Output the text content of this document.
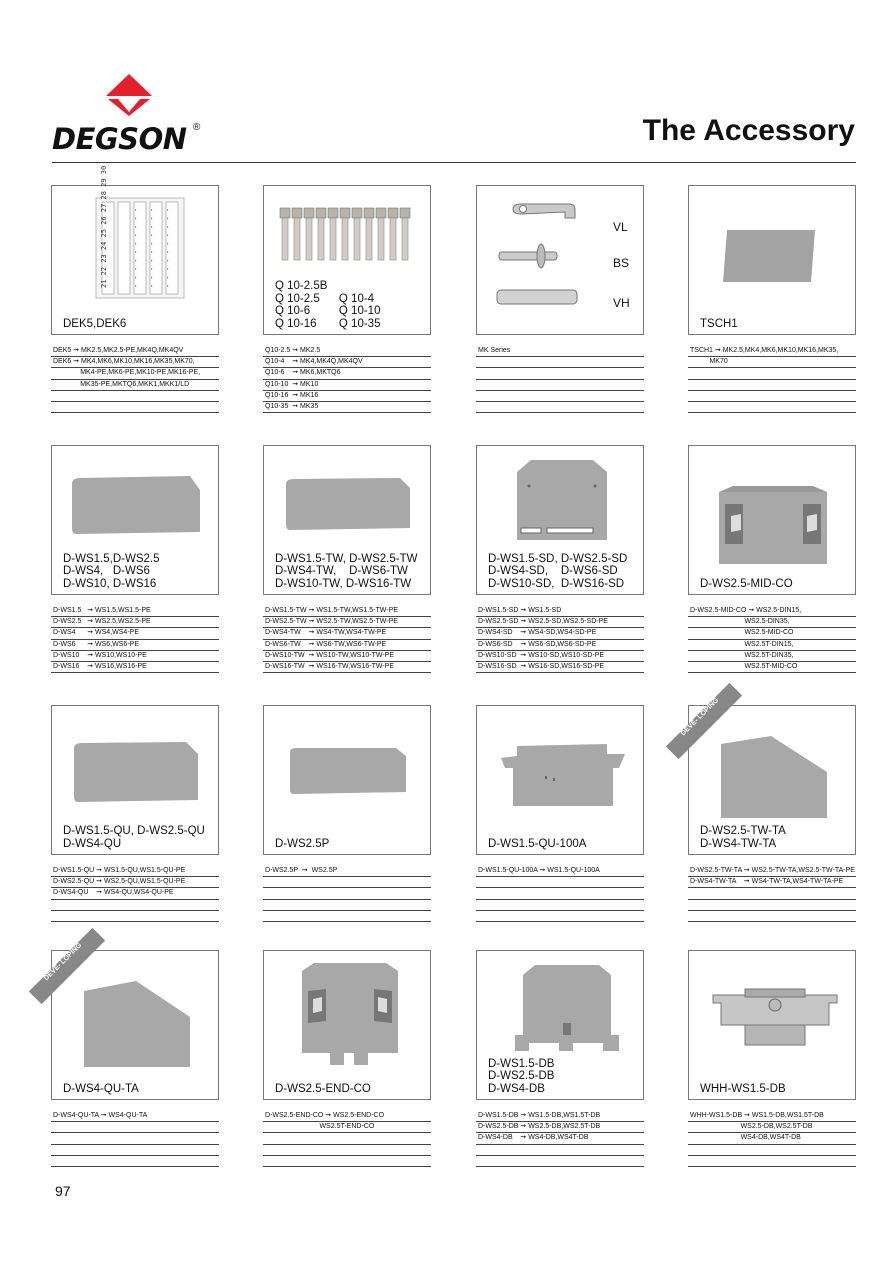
DEGSON ®	The Accessory
21 22 23 24 25 26 27 28 29 30	- - - - - - - - - - - - - - - - - - - - - - - - - - - - - -
DEK5,DEK6
DEK5 ➞ MK2.5,MK2.5-PE,MK4Q,MK4QV
DEK6 ➞ MK4,MK6,MK10,MK16,MK35,MK70,
MK4-PE,MK6-PE,MK10-PE,MK16-PE,
MK35-PE,MKTQ6,MKK1,MKK1/LD
Q 10-2.5B
Q 10-2.5      Q 10-4
Q 10-6         Q 10-10
Q 10-16       Q 10-35
Q10-2.5 ➞ MK2.5
Q10-4    ➞ MK4,MK4Q,MK4QV
Q10-6    ➞ MK6,MKTQ6
Q10-10  ➞ MK10
Q10-16  ➞ MK16
Q10-35  ➞ MK35
VL
BS
VH
MK Series
TSCH1
TSCH1 ➞ MK2.5,MK4,MK6,MK10,MK16,MK35,
MK70
D-WS1.5,D-WS2.5
D-WS4,   D-WS6
D-WS10, D-WS16
D-WS1.5   ➞ WS1.5,WS1.5-PE
D-WS2.5   ➞ WS2.5,WS2.5-PE
D-WS4      ➞ WS4,WS4-PE
D-WS6      ➞ WS6,WS6-PE
D-WS10    ➞ WS10,WS10-PE
D-WS16    ➞ WS16,WS16-PE
D-WS1.5-TW, D-WS2.5-TW
D-WS4-TW,    D-WS6-TW
D-WS10-TW, D-WS16-TW
D-WS1.5-TW ➞ WS1.5-TW,WS1.5-TW-PE
D-WS2.5-TW ➞ WS2.5-TW,WS2.5-TW-PE
D-WS4-TW    ➞ WS4-TW,WS4-TW-PE
D-WS6-TW    ➞ WS6-TW,WS6-TW-PE
D-WS10-TW  ➞ WS10-TW,WS10-TW-PE
D-WS16-TW  ➞ WS16-TW,WS16-TW-PE
D-WS1.5-SD, D-WS2.5-SD
D-WS4-SD,    D-WS6-SD
D-WS10-SD,  D-WS16-SD
D-WS1.5-SD ➞ WS1.5-SD
D-WS2.5-SD ➞ WS2.5-SD,WS2.5-SD-PE
D-WS4-SD    ➞ WS4-SD,WS4-SD-PE
D-WS6-SD    ➞ WS6-SD,WS6-SD-PE
D-WS10-SD  ➞ WS10-SD,WS10-SD-PE
D-WS16-SD  ➞ WS16-SD,WS16-SD-PE
D-WS2.5-MID-CO
D-WS2.5-MID-CO ➞ WS2.5-DIN15,
WS2.5-DIN35,
WS2.5-MID-CO
WS2.5T-DIN15,
WS2.5T-DIN35,
WS2.5T-MID-CO
D-WS1.5-QU, D-WS2.5-QU
D-WS4-QU
D-WS1.5-QU ➞ WS1.5-QU,WS1.5-QU-PE
D-WS2.5-QU ➞ WS2.5-QU,WS1.5-QU-PE
D-WS4-QU    ➞ WS4-QU,WS4-QU-PE
D-WS2.5P
D-WS2.5P  ➞  WS2.5P
D-WS1.5-QU-100A
D-WS1.5-QU-100A ➞ WS1.5-QU-100A
DEVE- LOPING
D-WS2.5-TW-TA
D-WS4-TW-TA
D-WS2.5-TW-TA ➞ WS2.5-TW-TA,WS2.5-TW-TA-PE
D-WS4-TW-TA    ➞ WS4-TW-TA,WS4-TW-TA-PE
DEVE- LOPING
D-WS4-QU-TA
D-WS4-QU-TA ➞ WS4-QU-TA
D-WS2.5-END-CO
D-WS2.5-END-CO ➞ WS2.5-END-CO
WS2.5T-END-CO
D-WS1.5-DB
D-WS2.5-DB
D-WS4-DB
D-WS1.5-DB ➞ WS1.5-DB,WS1.5T-DB
D-WS2.5-DB ➞ WS2.5-DB,WS2.5T-DB
D-WS4-DB    ➞ WS4-DB,WS4T-DB
WHH-WS1.5-DB
WHH-WS1.5-DB ➞ WS1.5-DB,WS1.5T-DB
WS2.5-DB,WS2.5T-DB
WS4-DB,WS4T-DB
97
